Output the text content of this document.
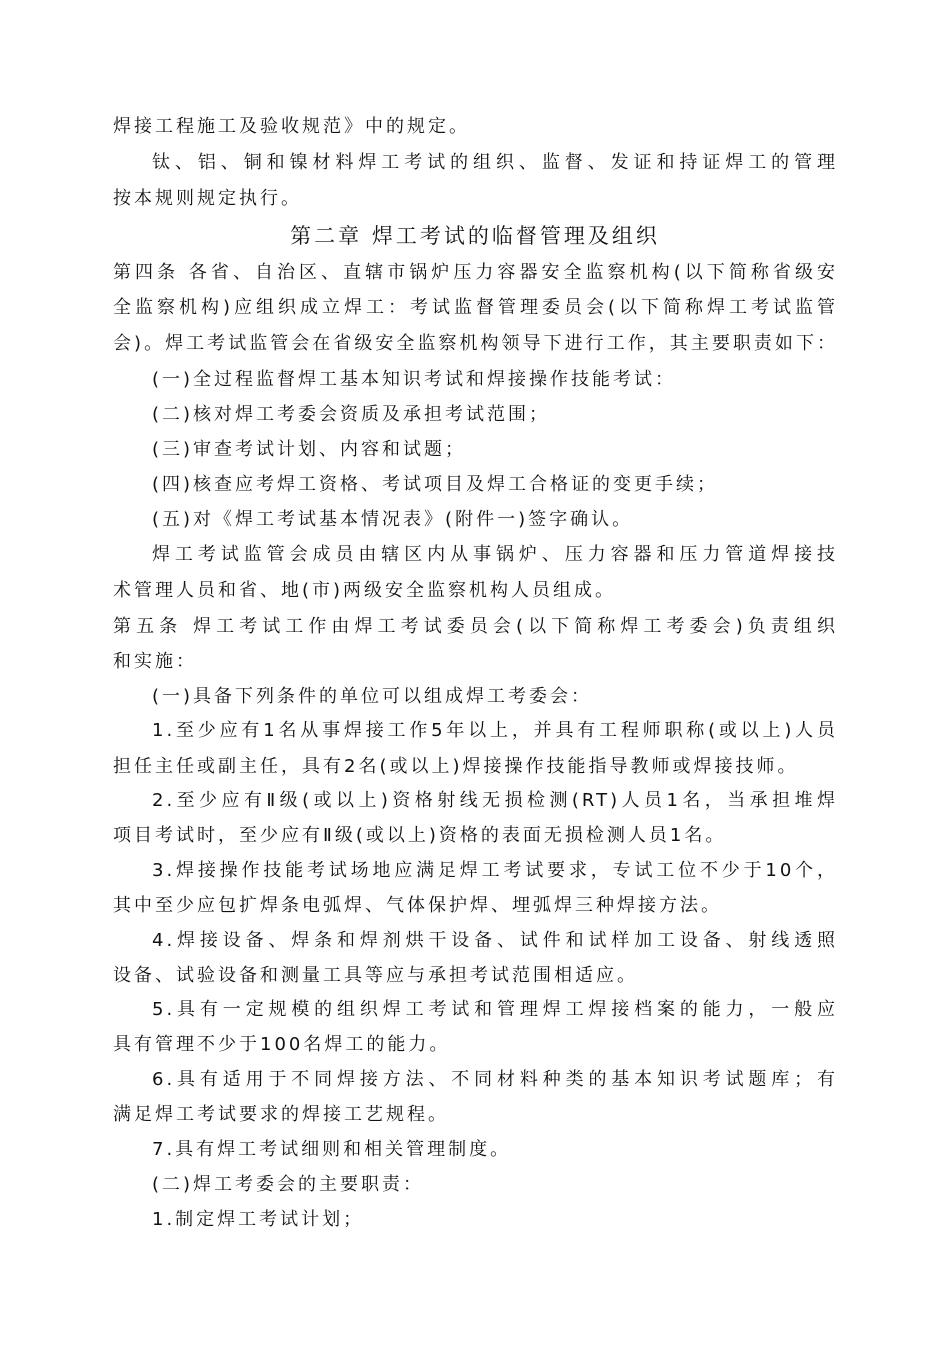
焊接工程施工及验收规范》中的规定。
钛、铝、铜和镍材料焊工考试的组织、监督、发证和持证焊工的管理
按本规则规定执行。
第二章 焊工考试的临督管理及组织
第四条 各省、自治区、直辖市锅炉压力容器安全监察机构(以下简称省级安
全监察机构)应组织成立焊工：考试监督管理委员会(以下简称焊工考试监管
会)。焊工考试监管会在省级安全监察机构领导下进行工作，其主要职责如下：
(一)全过程监督焊工基本知识考试和焊接操作技能考试：
(二)核对焊工考委会资质及承担考试范围；
(三)审查考试计划、内容和试题；
(四)核查应考焊工资格、考试项目及焊工合格证的变更手续；
(五)对《焊工考试基本情况表》(附件一)签字确认。
焊工考试监管会成员由辖区内从事锅炉、压力容器和压力管道焊接技
术管理人员和省、地(市)两级安全监察机构人员组成。
第五条 焊工考试工作由焊工考试委员会(以下简称焊工考委会)负责组织
和实施：
(一)具备下列条件的单位可以组成焊工考委会：
1.至少应有1名从事焊接工作5年以上，并具有工程师职称(或以上)人员
担任主任或副主任，具有2名(或以上)焊接操作技能指导教师或焊接技师。
2.至少应有Ⅱ级(或以上)资格射线无损检测(RT)人员1名，当承担堆焊
项目考试时，至少应有Ⅱ级(或以上)资格的表面无损检测人员1名。
3.焊接操作技能考试场地应满足焊工考试要求，专试工位不少于10个，
其中至少应包扩焊条电弧焊、气体保护焊、埋弧焊三种焊接方法。
4.焊接设备、焊条和焊剂烘干设备、试件和试样加工设备、射线透照
设备、试验设备和测量工具等应与承担考试范围相适应。
5.具有一定规模的组织焊工考试和管理焊工焊接档案的能力，一般应
具有管理不少于100名焊工的能力。
6.具有适用于不同焊接方法、不同材料种类的基本知识考试题库；有
满足焊工考试要求的焊接工艺规程。
7.具有焊工考试细则和相关管理制度。
(二)焊工考委会的主要职责：
1.制定焊工考试计划；
